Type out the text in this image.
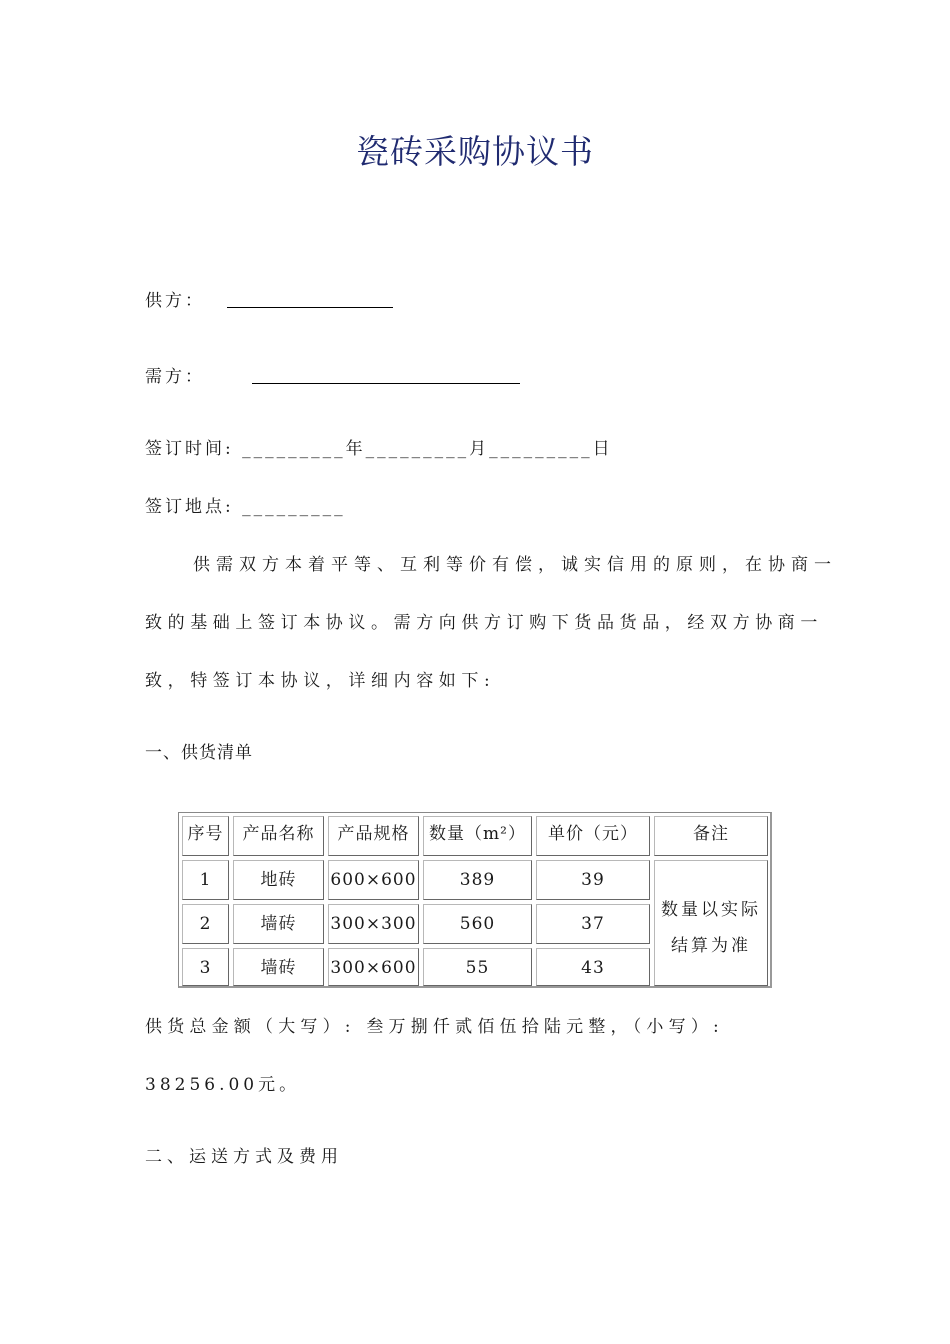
瓷砖采购协议书
供方：
需方：
签订时间: _________年_________月_________日
签订地点: _________
供需双方本着平等、互利等价有偿，诚实信用的原则，在协商一
致的基础上签订本协议。需方向供方订购下货品货品，经双方协商一
致，特签订本协议，详细内容如下:
一、供货清单
序号	产品名称	产品规格	数量（m²）	单价（元）	备注
1	地砖	600×600	389	39
2	墙砖	300×300	560	37
3	墙砖	300×600	55	43
数量以实际
结算为准
供货总金额（大写）: 叁万捌仟贰佰伍拾陆元整，（小写）:
38256.00元。
二、运送方式及费用
